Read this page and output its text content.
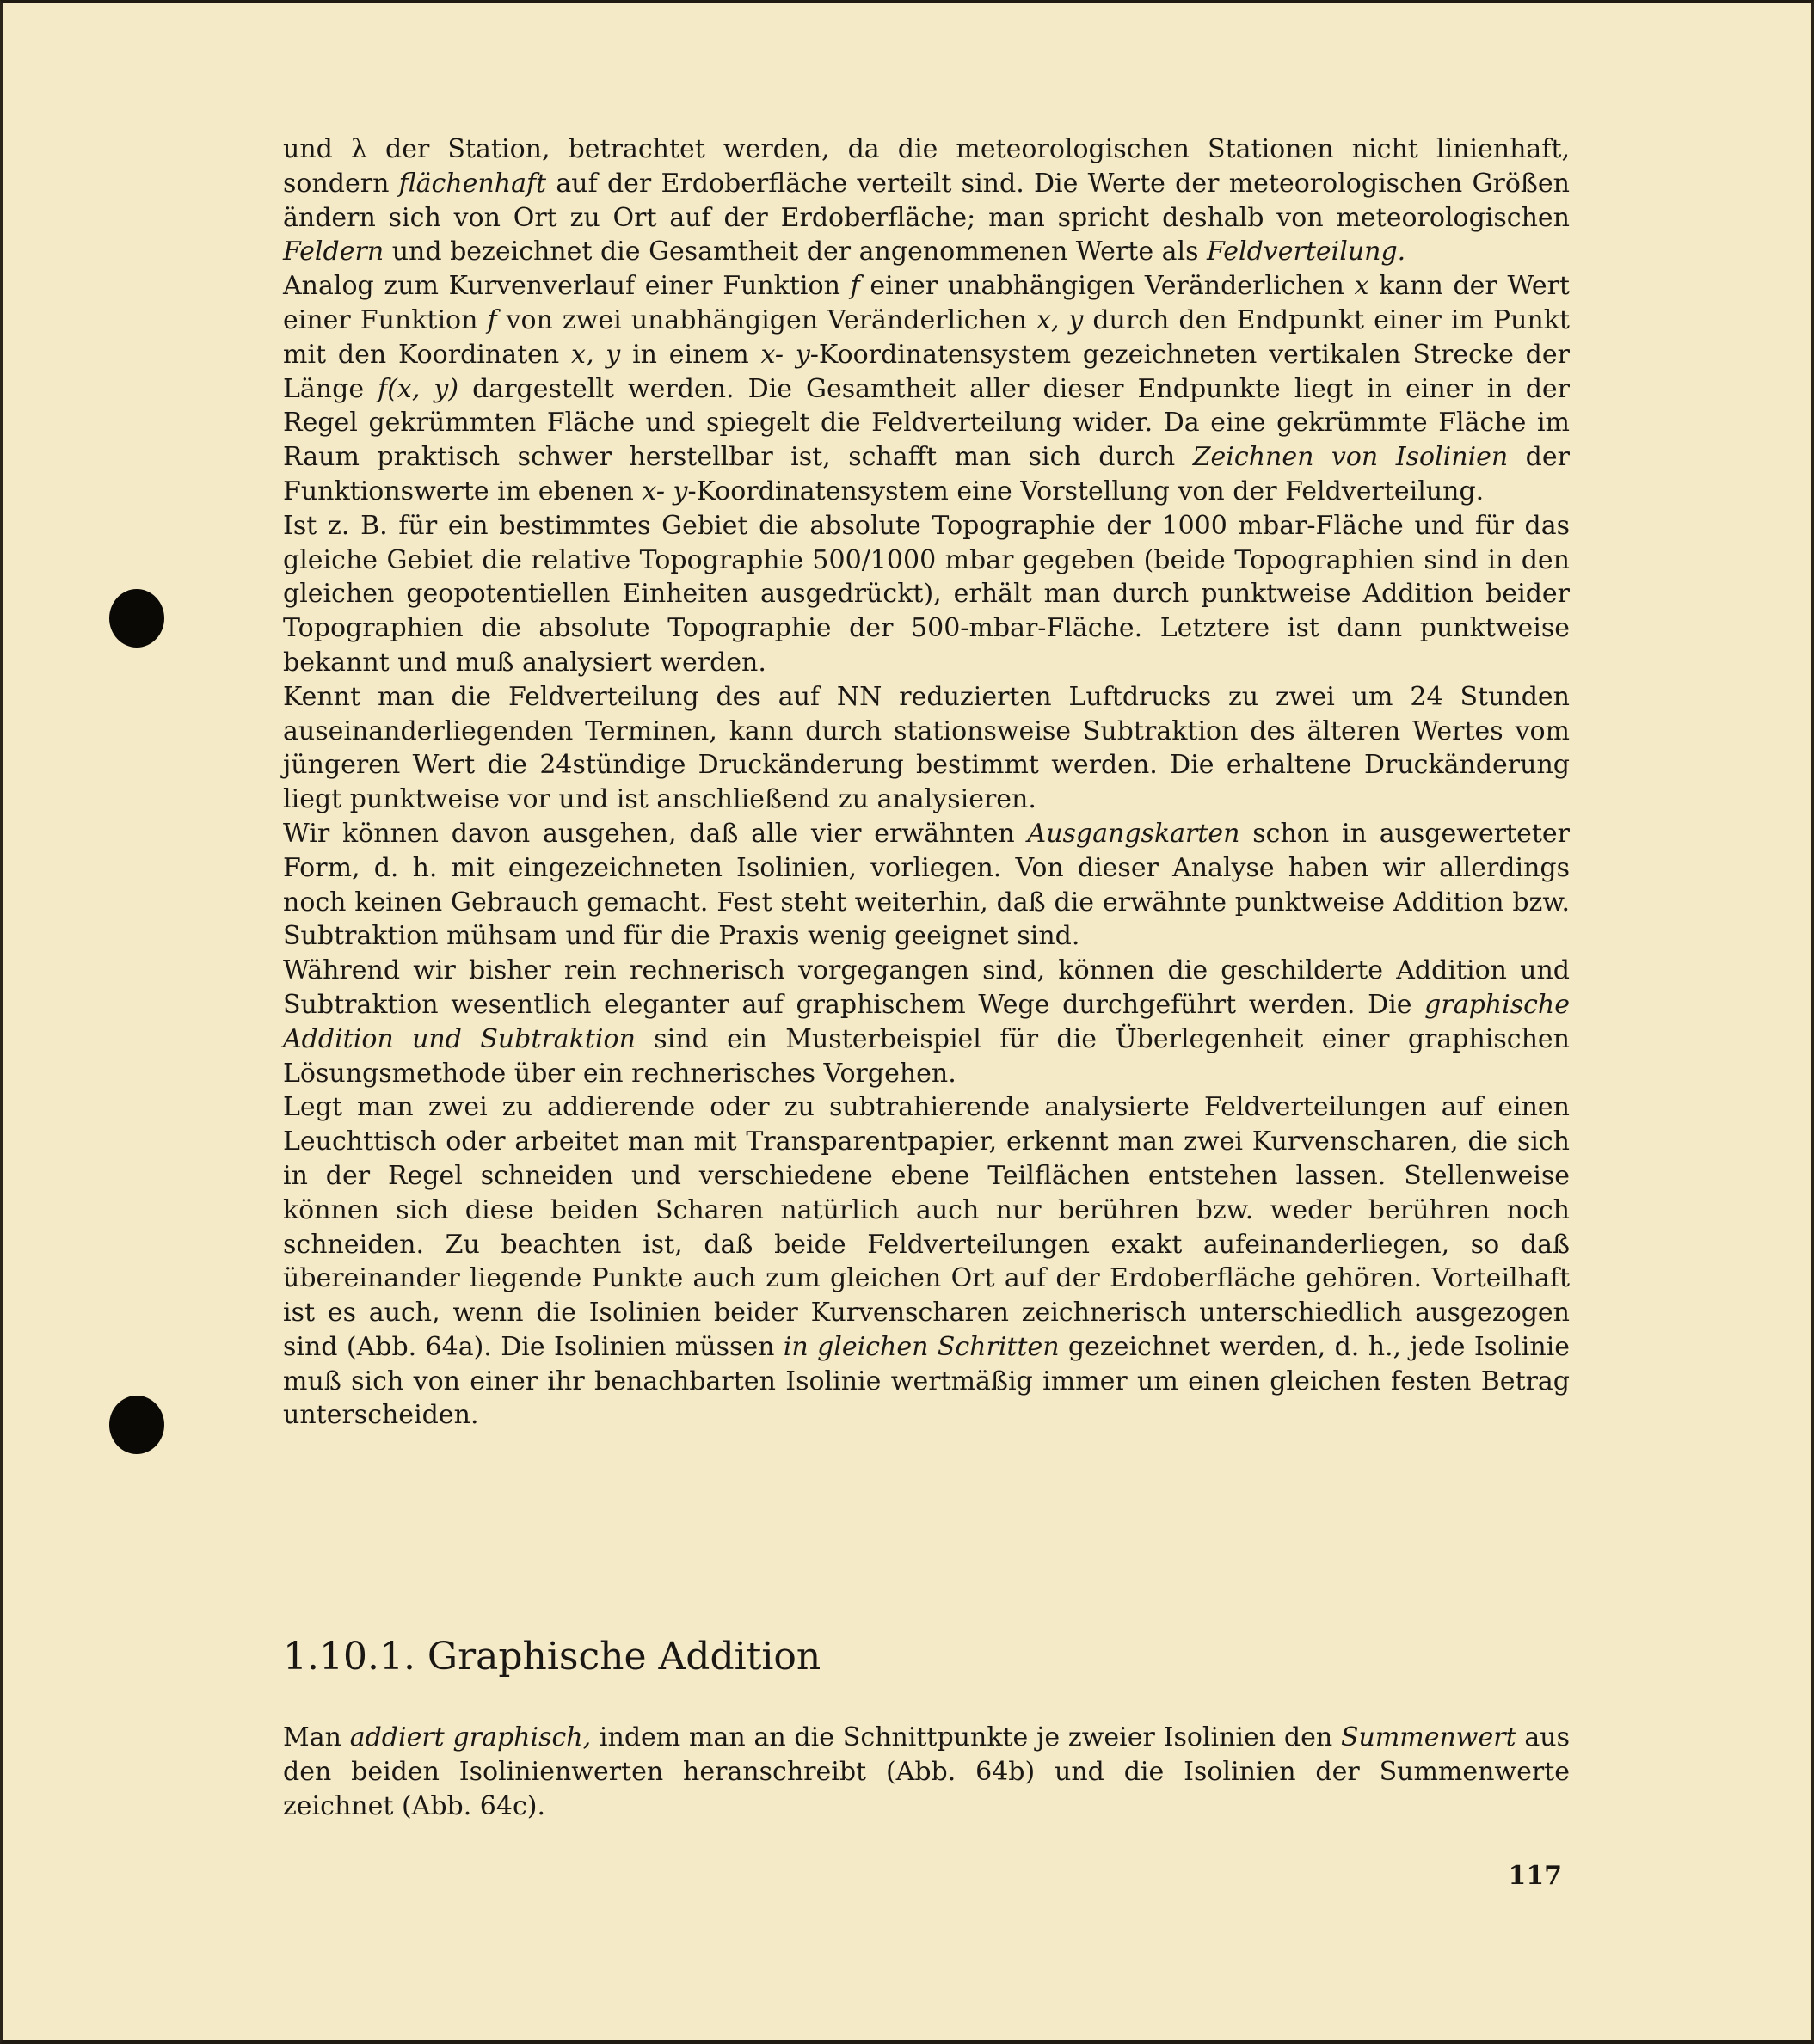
und λ der Station, betrachtet werden, da die meteorologischen Stationen nicht linienhaft, sondern flächenhaft auf der Erdoberfläche verteilt sind. Die Werte der meteorologischen Größen ändern sich von Ort zu Ort auf der Erdoberfläche; man spricht deshalb von meteorologischen Feldern und bezeichnet die Gesamtheit der angenommenen Werte als Feldverteilung.

Analog zum Kurvenverlauf einer Funktion f einer unabhängigen Veränderlichen x kann der Wert einer Funktion f von zwei unabhängigen Veränderlichen x, y durch den Endpunkt einer im Punkt mit den Koordinaten x, y in einem x- y-Koordinatensystem gezeichneten vertikalen Strecke der Länge f(x, y) dargestellt werden. Die Gesamtheit aller dieser Endpunkte liegt in einer in der Regel gekrümmten Fläche und spiegelt die Feldverteilung wider. Da eine gekrümmte Fläche im Raum praktisch schwer herstellbar ist, schafft man sich durch Zeichnen von Isolinien der Funktionswerte im ebenen x- y-Koordinatensystem eine Vorstellung von der Feldverteilung.

Ist z. B. für ein bestimmtes Gebiet die absolute Topographie der 1000 mbar-Fläche und für das gleiche Gebiet die relative Topographie 500/1000 mbar gegeben (beide Topographien sind in den gleichen geopotentiellen Einheiten ausgedrückt), erhält man durch punktweise Addition beider Topographien die absolute Topographie der 500-mbar-Fläche. Letztere ist dann punktweise bekannt und muß analysiert werden.

Kennt man die Feldverteilung des auf NN reduzierten Luftdrucks zu zwei um 24 Stunden auseinanderliegenden Terminen, kann durch stationsweise Subtraktion des älteren Wertes vom jüngeren Wert die 24stündige Druckänderung bestimmt werden. Die erhaltene Druckänderung liegt punktweise vor und ist anschließend zu analysieren.

Wir können davon ausgehen, daß alle vier erwähnten Ausgangskarten schon in ausgewerteter Form, d. h. mit eingezeichneten Isolinien, vorliegen. Von dieser Analyse haben wir allerdings noch keinen Gebrauch gemacht. Fest steht weiterhin, daß die erwähnte punktweise Addition bzw. Subtraktion mühsam und für die Praxis wenig geeignet sind.

Während wir bisher rein rechnerisch vorgegangen sind, können die geschilderte Addition und Subtraktion wesentlich eleganter auf graphischem Wege durchgeführt werden. Die graphische Addition und Subtraktion sind ein Musterbeispiel für die Überlegenheit einer graphischen Lösungsmethode über ein rechnerisches Vorgehen.

Legt man zwei zu addierende oder zu subtrahierende analysierte Feldverteilungen auf einen Leuchttisch oder arbeitet man mit Transparentpapier, erkennt man zwei Kurvenscharen, die sich in der Regel schneiden und verschiedene ebene Teilflächen entstehen lassen. Stellenweise können sich diese beiden Scharen natürlich auch nur berühren bzw. weder berühren noch schneiden. Zu beachten ist, daß beide Feldverteilungen exakt aufeinanderliegen, so daß übereinander liegende Punkte auch zum gleichen Ort auf der Erdoberfläche gehören. Vorteilhaft ist es auch, wenn die Isolinien beider Kurvenscharen zeichnerisch unterschiedlich ausgezogen sind (Abb. 64a). Die Isolinien müssen in gleichen Schritten gezeichnet werden, d. h., jede Isolinie muß sich von einer ihr benachbarten Isolinie wertmäßig immer um einen gleichen festen Betrag unterscheiden.

1.10.1. Graphische Addition

Man addiert graphisch, indem man an die Schnittpunkte je zweier Isolinien den Summenwert aus den beiden Isolinienwerten heranschreibt (Abb. 64b) und die Isolinien der Summenwerte zeichnet (Abb. 64c).

117
